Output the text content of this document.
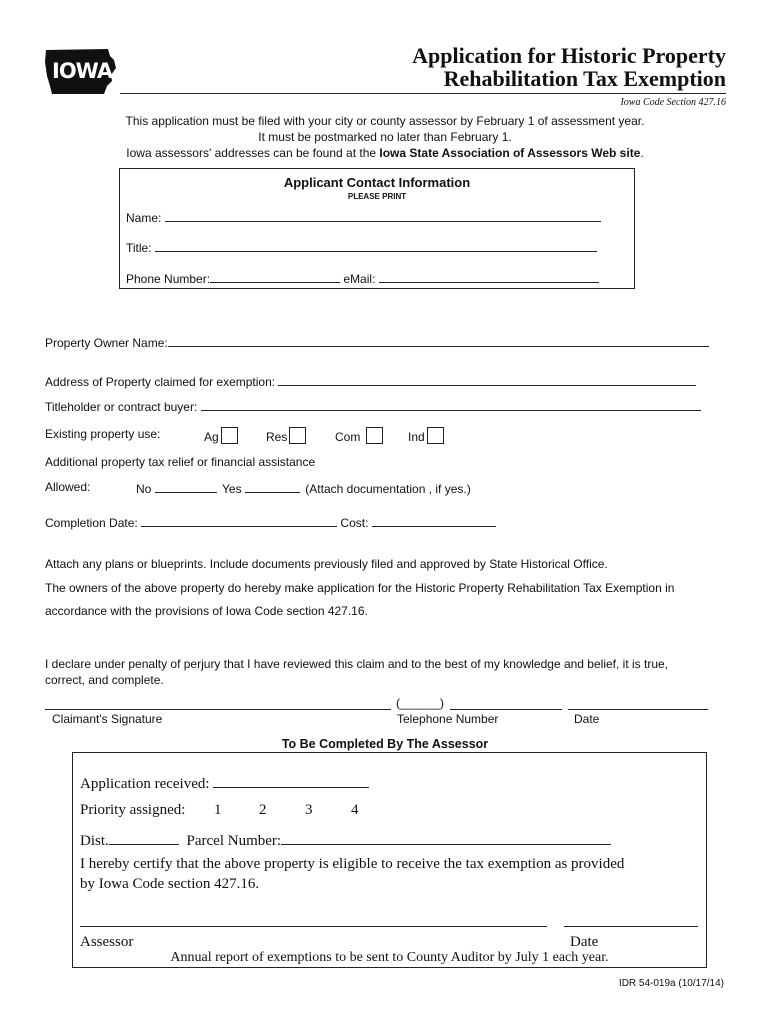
IOWA
Application for Historic Property
Rehabilitation Tax Exemption
Iowa Code Section 427.16
This application must be filed with your city or county assessor by February 1 of assessment year.
It must be postmarked no later than February 1.
Iowa assessors' addresses can be found at the Iowa State Association of Assessors Web site.
Applicant Contact Information
PLEASE PRINT
Name:
Title:
Phone Number:	eMail:
Property Owner Name:
Address of Property claimed for exemption:
Titleholder or contract buyer:
Existing property use:	Ag	Res	Com	Ind
Additional property tax relief or financial assistance
Allowed:	No	Yes	(Attach documentation , if yes.)
Completion Date:	Cost:
Attach any plans or blueprints. Include documents previously filed and approved by State Historical Office.
The owners of the above property do hereby make application for the Historic Property Rehabilitation Tax Exemption in
accordance with the provisions of Iowa Code section 427.16.
I declare under penalty of perjury that I have reviewed this claim and to the best of my knowledge and belief, it is true,
correct, and complete.
(______)
Claimant's Signature	Telephone Number	Date
To Be Completed By The Assessor
Application received:
Priority assigned: 1	2	3	4
Dist.	Parcel Number:
I hereby certify that the above property is eligible to receive the tax exemption as provided
by Iowa Code section 427.16.
Assessor	Date
Annual report of exemptions to be sent to County Auditor by July 1 each year.
IDR 54-019a (10/17/14)
